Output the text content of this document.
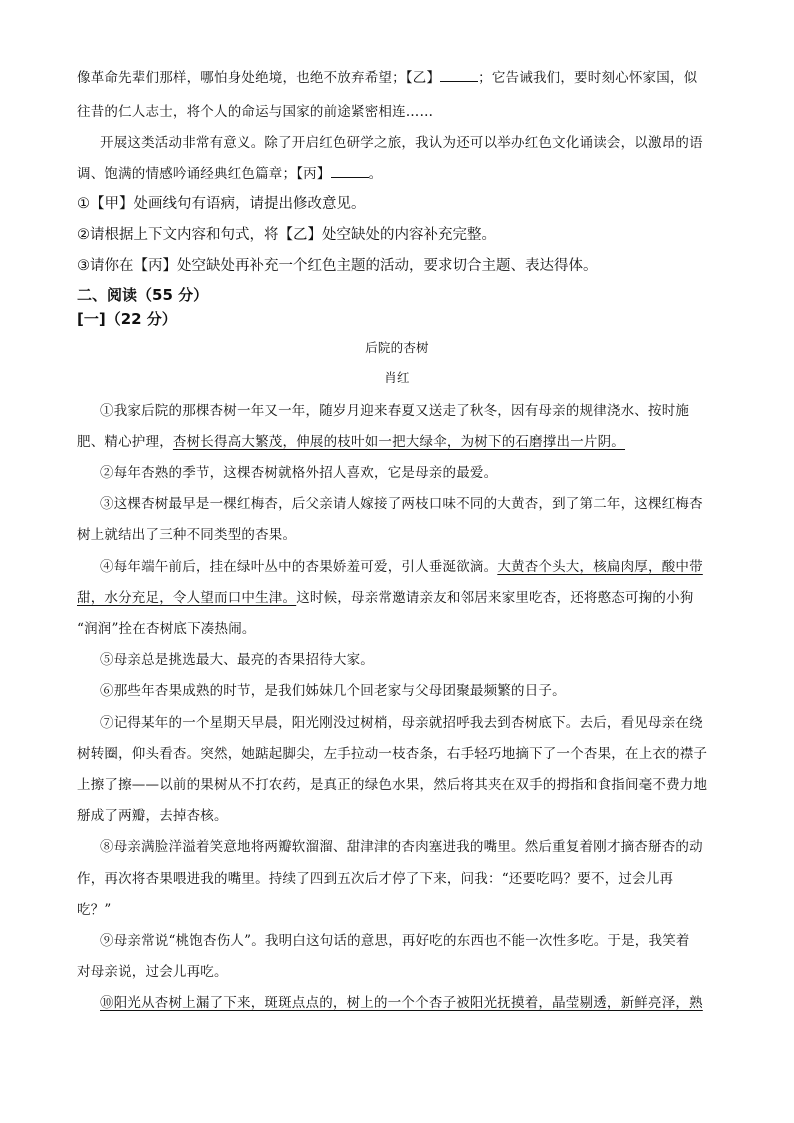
像革命先辈们那样，哪怕身处绝境，也绝不放弃希望；【乙】	；它告诫我们，要时刻心怀家国，似
往昔的仁人志士，将个人的命运与国家的前途紧密相连……
开展这类活动非常有意义。除了开启红色研学之旅，我认为还可以举办红色文化诵读会，以激昂的语
调、饱满的情感吟诵经典红色篇章；【丙】	。
①【甲】处画线句有语病，请提出修改意见。
②请根据上下文内容和句式，将【乙】处空缺处的内容补充完整。
③请你在【丙】处空缺处再补充一个红色主题的活动，要求切合主题、表达得体。
二、阅读（55 分）
[一]（22 分）
后院的杏树
肖红
①我家后院的那棵杏树一年又一年，随岁月迎来春夏又送走了秋冬，因有母亲的规律浇水、按时施
肥、精心护理，杏树长得高大繁茂，伸展的枝叶如一把大绿伞，为树下的石磨撑出一片阴。
②每年杏熟的季节，这棵杏树就格外招人喜欢，它是母亲的最爱。
③这棵杏树最早是一棵红梅杏，后父亲请人嫁接了两枝口味不同的大黄杏，到了第二年，这棵红梅杏
树上就结出了三种不同类型的杏果。
④每年端午前后，挂在绿叶丛中的杏果娇羞可爱，引人垂涎欲滴。大黄杏个头大，核扁肉厚，酸中带
甜，水分充足，令人望而口中生津。这时候，母亲常邀请亲友和邻居来家里吃杏，还将憨态可掬的小狗
“润润”拴在杏树底下凑热闹。
⑤母亲总是挑选最大、最亮的杏果招待大家。
⑥那些年杏果成熟的时节，是我们姊妹几个回老家与父母团聚最频繁的日子。
⑦记得某年的一个星期天早晨，阳光刚没过树梢，母亲就招呼我去到杏树底下。去后，看见母亲在绕
树转圈，仰头看杏。突然，她踮起脚尖，左手拉动一枝杏条，右手轻巧地摘下了一个杏果，在上衣的襟子
上擦了擦——以前的果树从不打农药，是真正的绿色水果，然后将其夹在双手的拇指和食指间毫不费力地
掰成了两瓣，去掉杏核。
⑧母亲满脸洋溢着笑意地将两瓣软溜溜、甜津津的杏肉塞进我的嘴里。然后重复着刚才摘杏掰杏的动
作，再次将杏果喂进我的嘴里。持续了四到五次后才停了下来，问我：“还要吃吗？要不，过会儿再
吃？”
⑨母亲常说“桃饱杏伤人”。我明白这句话的意思，再好吃的东西也不能一次性多吃。于是，我笑着
对母亲说，过会儿再吃。
⑩阳光从杏树上漏了下来，斑斑点点的，树上的一个个杏子被阳光抚摸着，晶莹剔透，新鲜亮泽，熟
